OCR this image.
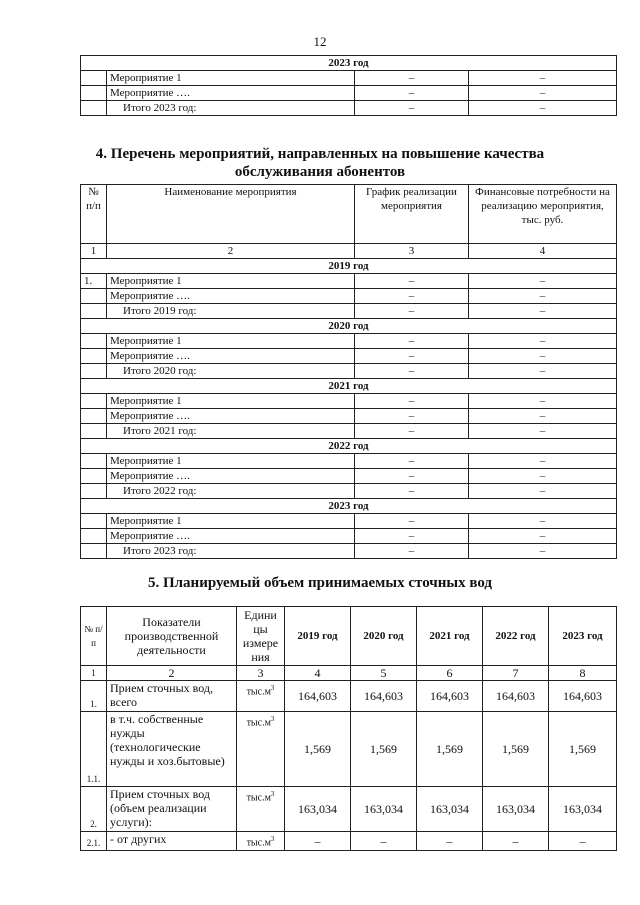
12
2023 год			
	Мероприятие 1	–	–
	Мероприятие ….	–	–
	Итого 2023 год:	–	–
4. Перечень мероприятий, направленных на повышение качества
обслуживания абонентов
№ п/п	Наименование мероприятия	График реализации мероприятия	Финансовые потребности на реализацию мероприятия, тыс. руб.
1	2	3	4
2019 год			
1.	Мероприятие 1	–	–
	Мероприятие ….	–	–
	Итого 2019 год:	–	–
2020 год			
	Мероприятие 1	–	–
	Мероприятие ….	–	–
	Итого 2020 год:	–	–
2021 год			
	Мероприятие 1	–	–
	Мероприятие ….	–	–
	Итого 2021 год:	–	–
2022 год			
	Мероприятие 1	–	–
	Мероприятие ….	–	–
	Итого 2022 год:	–	–
2023 год			
	Мероприятие 1	–	–
	Мероприятие ….	–	–
	Итого 2023 год:	–	–
5. Планируемый объем принимаемых сточных вод
№ п/п	Показатели производственной деятельности	Едини цы измере ния	2019 год	2020 год	2021 год	2022 год	2023 год
1	2	3	4	5	6	7	8
1.	Прием сточных вод, всего	$тыс.м^3$	164,603	164,603	164,603	164,603	164,603
1.1.	в т.ч. собственные нужды (технологические нужды и хоз.бытовые)	$тыс.м^3$	1,569	1,569	1,569	1,569	1,569
2.	Прием сточных вод (объем реализации услуги):	$тыс.м^3$	163,034	163,034	163,034	163,034	163,034
2.1.	- от других	$тыс.м^3$	–	–	–	–	–
